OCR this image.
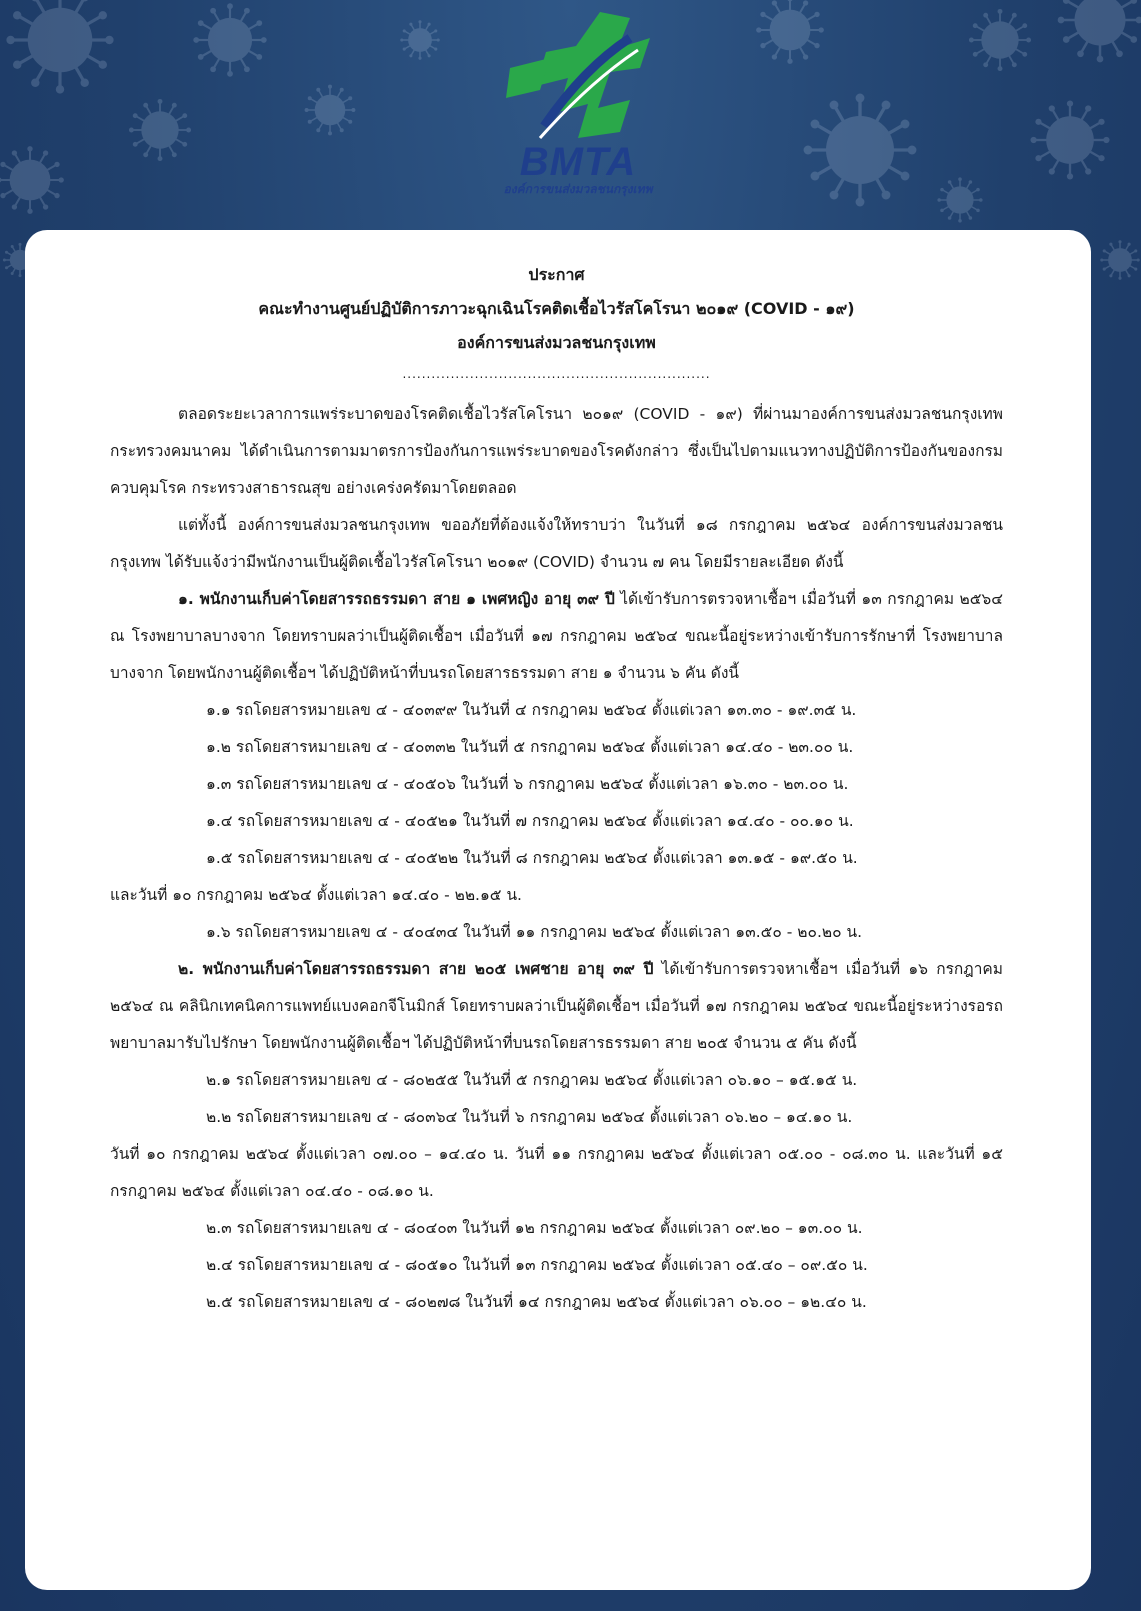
BMTA
องค์การขนส่งมวลชนกรุงเทพ
ประกาศ
คณะทำงานศูนย์ปฏิบัติการภาวะฉุกเฉินโรคติดเชื้อไวรัสโคโรนา ๒๐๑๙ (COVID - ๑๙)
องค์การขนส่งมวลชนกรุงเทพ
................................................................
ตลอดระยะเวลาการแพร่ระบาดของโรคติดเชื้อไวรัสโคโรนา ๒๐๑๙ (COVID - ๑๙) ที่ผ่านมาองค์การขนส่งมวลชนกรุงเทพ กระทรวงคมนาคม ได้ดำเนินการตามมาตรการป้องกันการแพร่ระบาดของโรคดังกล่าว ซึ่งเป็นไปตามแนวทางปฏิบัติการป้องกันของกรมควบคุมโรค กระทรวงสาธารณสุข อย่างเคร่งครัดมาโดยตลอด
แต่ทั้งนี้ องค์การขนส่งมวลชนกรุงเทพ ขออภัยที่ต้องแจ้งให้ทราบว่า ในวันที่ ๑๘ กรกฎาคม ๒๕๖๔ องค์การขนส่งมวลชนกรุงเทพ ได้รับแจ้งว่ามีพนักงานเป็นผู้ติดเชื้อไวรัสโคโรนา ๒๐๑๙ (COVID) จำนวน ๗ คน โดยมีรายละเอียด ดังนี้
๑. พนักงานเก็บค่าโดยสารรถธรรมดา สาย ๑ เพศหญิง อายุ ๓๙ ปี ได้เข้ารับการตรวจหาเชื้อฯ เมื่อวันที่ ๑๓ กรกฎาคม ๒๕๖๔ ณ โรงพยาบาลบางจาก โดยทราบผลว่าเป็นผู้ติดเชื้อฯ เมื่อวันที่ ๑๗ กรกฎาคม ๒๕๖๔ ขณะนี้อยู่ระหว่างเข้ารับการรักษาที่ โรงพยาบาลบางจาก โดยพนักงานผู้ติดเชื้อฯ ได้ปฏิบัติหน้าที่บนรถโดยสารธรรมดา สาย ๑ จำนวน ๖ คัน ดังนี้
๑.๑ รถโดยสารหมายเลข ๔ - ๔๐๓๙๙ ในวันที่ ๔ กรกฎาคม ๒๕๖๔ ตั้งแต่เวลา ๑๓.๓๐ - ๑๙.๓๕ น.
๑.๒ รถโดยสารหมายเลข ๔ - ๔๐๓๓๒ ในวันที่ ๕ กรกฎาคม ๒๕๖๔ ตั้งแต่เวลา ๑๔.๔๐ - ๒๓.๐๐ น.
๑.๓ รถโดยสารหมายเลข ๔ - ๔๐๕๐๖ ในวันที่ ๖ กรกฎาคม ๒๕๖๔ ตั้งแต่เวลา ๑๖.๓๐ - ๒๓.๐๐ น.
๑.๔ รถโดยสารหมายเลข ๔ - ๔๐๕๒๑ ในวันที่ ๗ กรกฎาคม ๒๕๖๔ ตั้งแต่เวลา ๑๔.๔๐ - ๐๐.๑๐ น.
๑.๕ รถโดยสารหมายเลข ๔ - ๔๐๕๒๒ ในวันที่ ๘ กรกฎาคม ๒๕๖๔ ตั้งแต่เวลา ๑๓.๑๕ - ๑๙.๕๐ น.
และวันที่ ๑๐ กรกฎาคม ๒๕๖๔ ตั้งแต่เวลา ๑๔.๔๐ - ๒๒.๑๕ น.
๑.๖ รถโดยสารหมายเลข ๔ - ๔๐๔๓๔ ในวันที่ ๑๑ กรกฎาคม ๒๕๖๔ ตั้งแต่เวลา ๑๓.๕๐ - ๒๐.๒๐ น.
๒. พนักงานเก็บค่าโดยสารรถธรรมดา สาย ๒๐๕ เพศชาย อายุ ๓๙ ปี ได้เข้ารับการตรวจหาเชื้อฯ เมื่อวันที่ ๑๖ กรกฎาคม ๒๕๖๔ ณ คลินิกเทคนิคการแพทย์แบงคอกจีโนมิกส์ โดยทราบผลว่าเป็นผู้ติดเชื้อฯ เมื่อวันที่ ๑๗ กรกฎาคม ๒๕๖๔ ขณะนี้อยู่ระหว่างรอรถพยาบาลมารับไปรักษา โดยพนักงานผู้ติดเชื้อฯ ได้ปฏิบัติหน้าที่บนรถโดยสารธรรมดา สาย ๒๐๕ จำนวน ๕ คัน ดังนี้
๒.๑ รถโดยสารหมายเลข ๔ - ๘๐๒๕๕ ในวันที่ ๕ กรกฎาคม ๒๕๖๔ ตั้งแต่เวลา ๐๖.๑๐ – ๑๕.๑๕ น.
๒.๒ รถโดยสารหมายเลข ๔ - ๘๐๓๖๔ ในวันที่ ๖ กรกฎาคม ๒๕๖๔ ตั้งแต่เวลา ๐๖.๒๐ – ๑๔.๑๐ น.
วันที่ ๑๐ กรกฎาคม ๒๕๖๔ ตั้งแต่เวลา ๐๗.๐๐ – ๑๔.๔๐ น. วันที่ ๑๑ กรกฎาคม ๒๕๖๔ ตั้งแต่เวลา ๐๕.๐๐ - ๐๘.๓๐ น. และวันที่ ๑๕ กรกฎาคม ๒๕๖๔ ตั้งแต่เวลา ๐๔.๔๐ - ๐๘.๑๐ น.
๒.๓ รถโดยสารหมายเลข ๔ - ๘๐๔๐๓ ในวันที่ ๑๒ กรกฎาคม ๒๕๖๔ ตั้งแต่เวลา ๐๙.๒๐ – ๑๓.๐๐ น.
๒.๔ รถโดยสารหมายเลข ๔ - ๘๐๕๑๐ ในวันที่ ๑๓ กรกฎาคม ๒๕๖๔ ตั้งแต่เวลา ๐๕.๔๐ – ๐๙.๕๐ น.
๒.๕ รถโดยสารหมายเลข ๔ - ๘๐๒๗๘ ในวันที่ ๑๔ กรกฎาคม ๒๕๖๔ ตั้งแต่เวลา ๐๖.๐๐ – ๑๒.๔๐ น.
